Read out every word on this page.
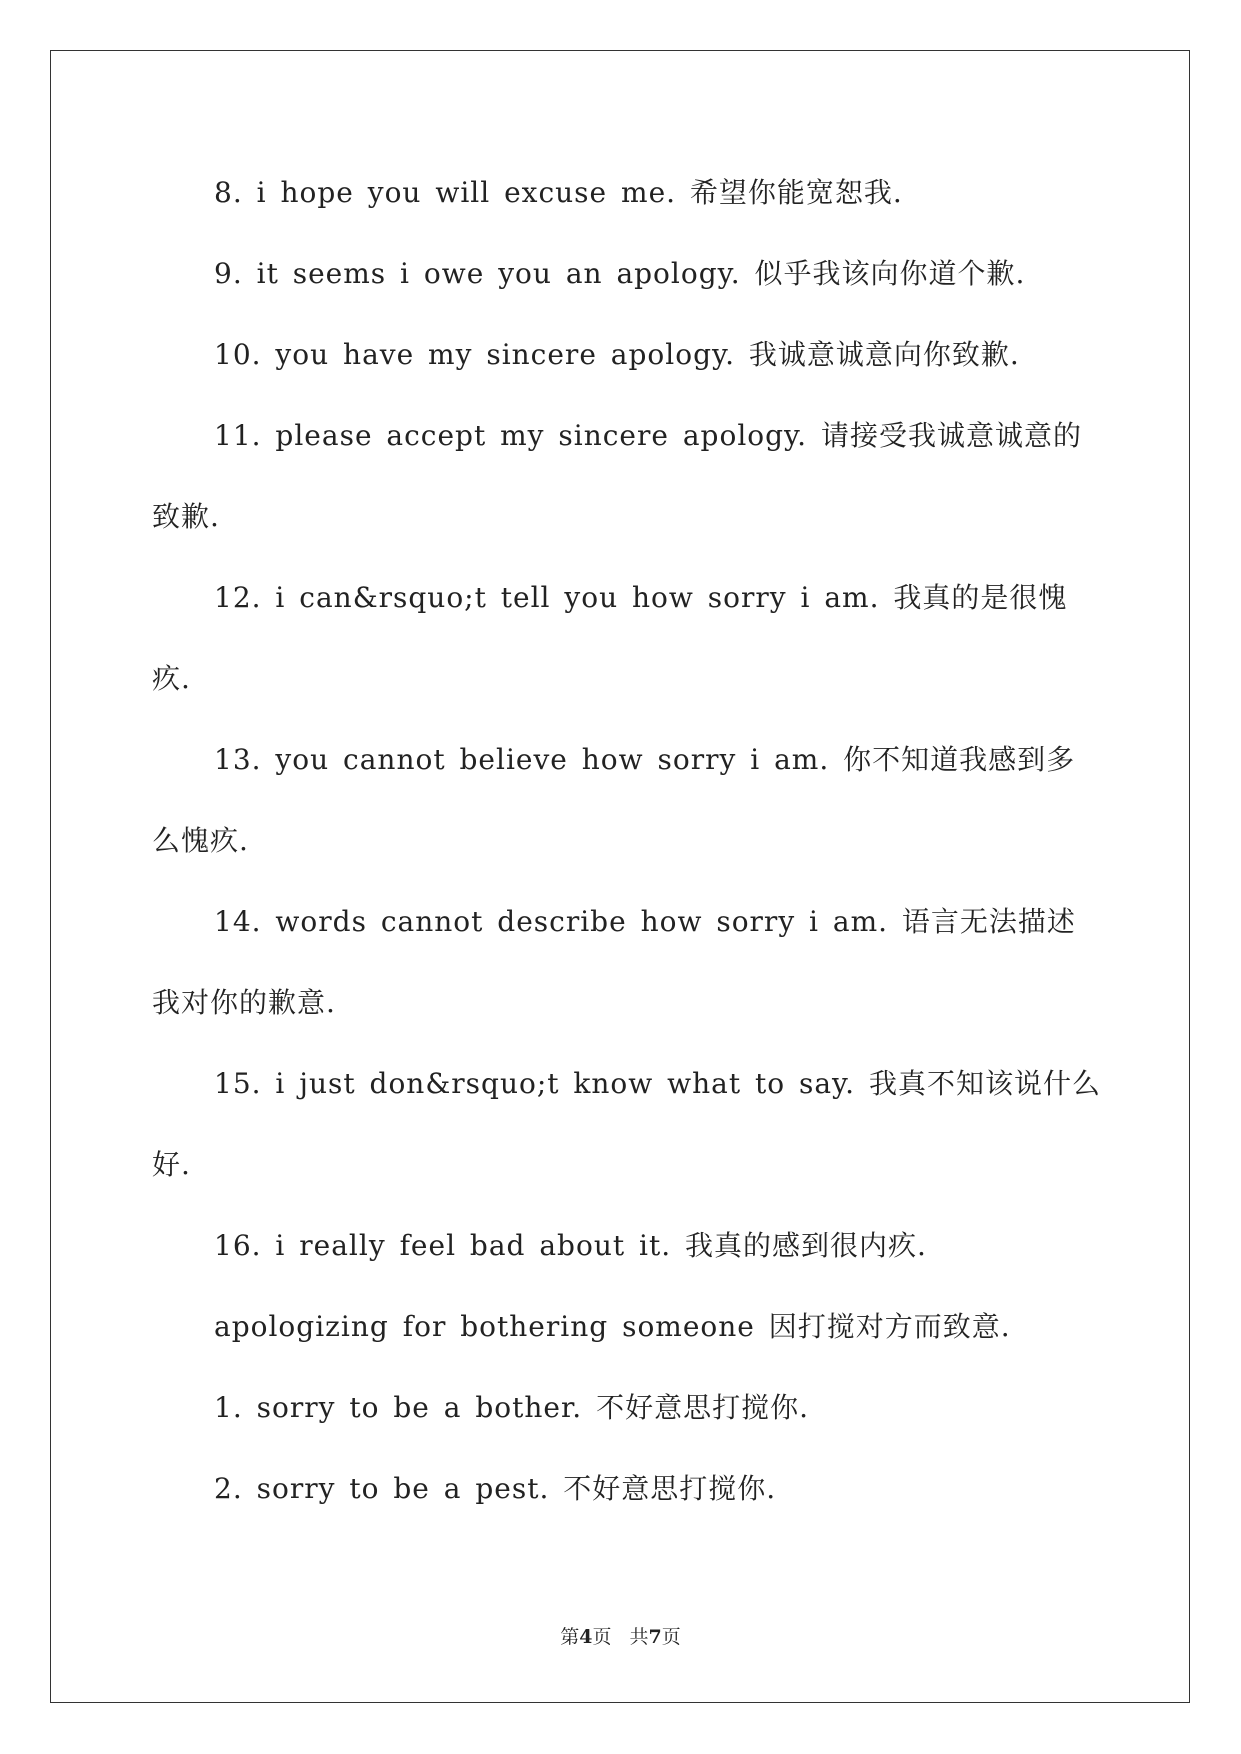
8. i hope you will excuse me. 希望你能宽恕我.

9. it seems i owe you an apology. 似乎我该向你道个歉.

10. you have my sincere apology. 我诚意诚意向你致歉.

11. please accept my sincere apology. 请接受我诚意诚意的致歉.

12. i can&rsquo;t tell you how sorry i am. 我真的是很愧疚.

13. you cannot believe how sorry i am. 你不知道我感到多么愧疚.

14. words cannot describe how sorry i am. 语言无法描述我对你的歉意.

15. i just don&rsquo;t know what to say. 我真不知该说什么好.

16. i really feel bad about it. 我真的感到很内疚.

apologizing for bothering someone 因打搅对方而致意.

1. sorry to be a bother. 不好意思打搅你.

2. sorry to be a pest. 不好意思打搅你.

第4页 共7页
